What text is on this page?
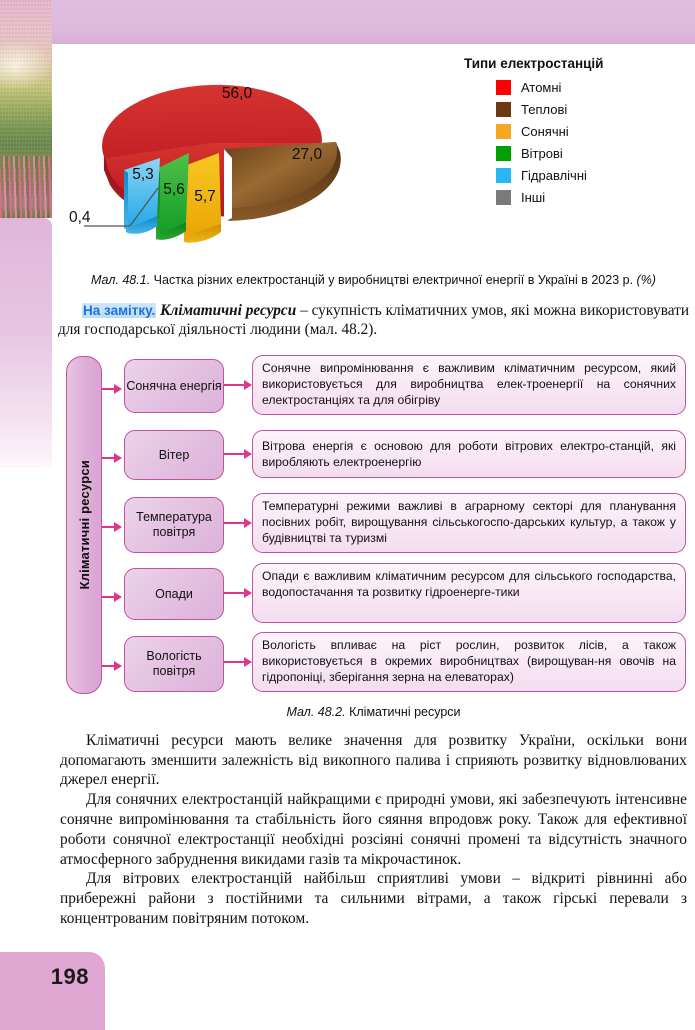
198
56,0
27,0
5,3
5,6 5,7
0,4
Типи електростанцій
Атомні
Теплові
Сонячні
Вітрові
Гідравлічні
Інші
Мал. 48.1. Частка різних електростанцій у виробництві електричної енергії в Україні в 2023 р. (%)
На замітку. Кліматичні ресурси – сукупність кліматичних умов, які можна використовувати для господарської діяльності людини (мал. 48.2).
Кліматичні ресурси
Сонячна енергія
Сонячне випромінювання є важливим кліматичним ресурсом, який використовується для виробництва елек-троенергії на сонячних електростанціях та для обігріву
Вітер
Вітрова енергія є основою для роботи вітрових електро-станцій, які виробляють електроенергію
Температура повітря
Температурні режими важливі в аграрному секторі для планування посівних робіт, вирощування сільськогоспо-дарських культур, а також у будівництві та туризмі
Опади
Опади є важливим кліматичним ресурсом для сільського господарства, водопостачання та розвитку гідроенерге-тики
Вологість повітря
Вологість впливає на ріст рослин, розвиток лісів, а також використовується в окремих виробництвах (вирощуван-ня овочів на гідропоніці, зберігання зерна на елеваторах)
Мал. 48.2. Кліматичні ресурси

Кліматичні ресурси мають велике значення для розвитку України, оскільки вони допомагають зменшити залежність від викопного палива і сприяють розвитку відновлюваних джерел енергії.

Для сонячних електростанцій найкращими є природні умови, які забезпечують інтенсивне сонячне випромінювання та стабільність його сяяння впродовж року. Також для ефективної роботи сонячної електростанції необхідні розсіяні сонячні промені та відсутність значного атмосферного забруднення викидами газів та мікрочастинок.

Для вітрових електростанцій найбільш сприятливі умови – відкриті рівнинні або прибережні райони з постійними та сильними вітрами, а також гірські перевали з концентрованим повітряним потоком.
